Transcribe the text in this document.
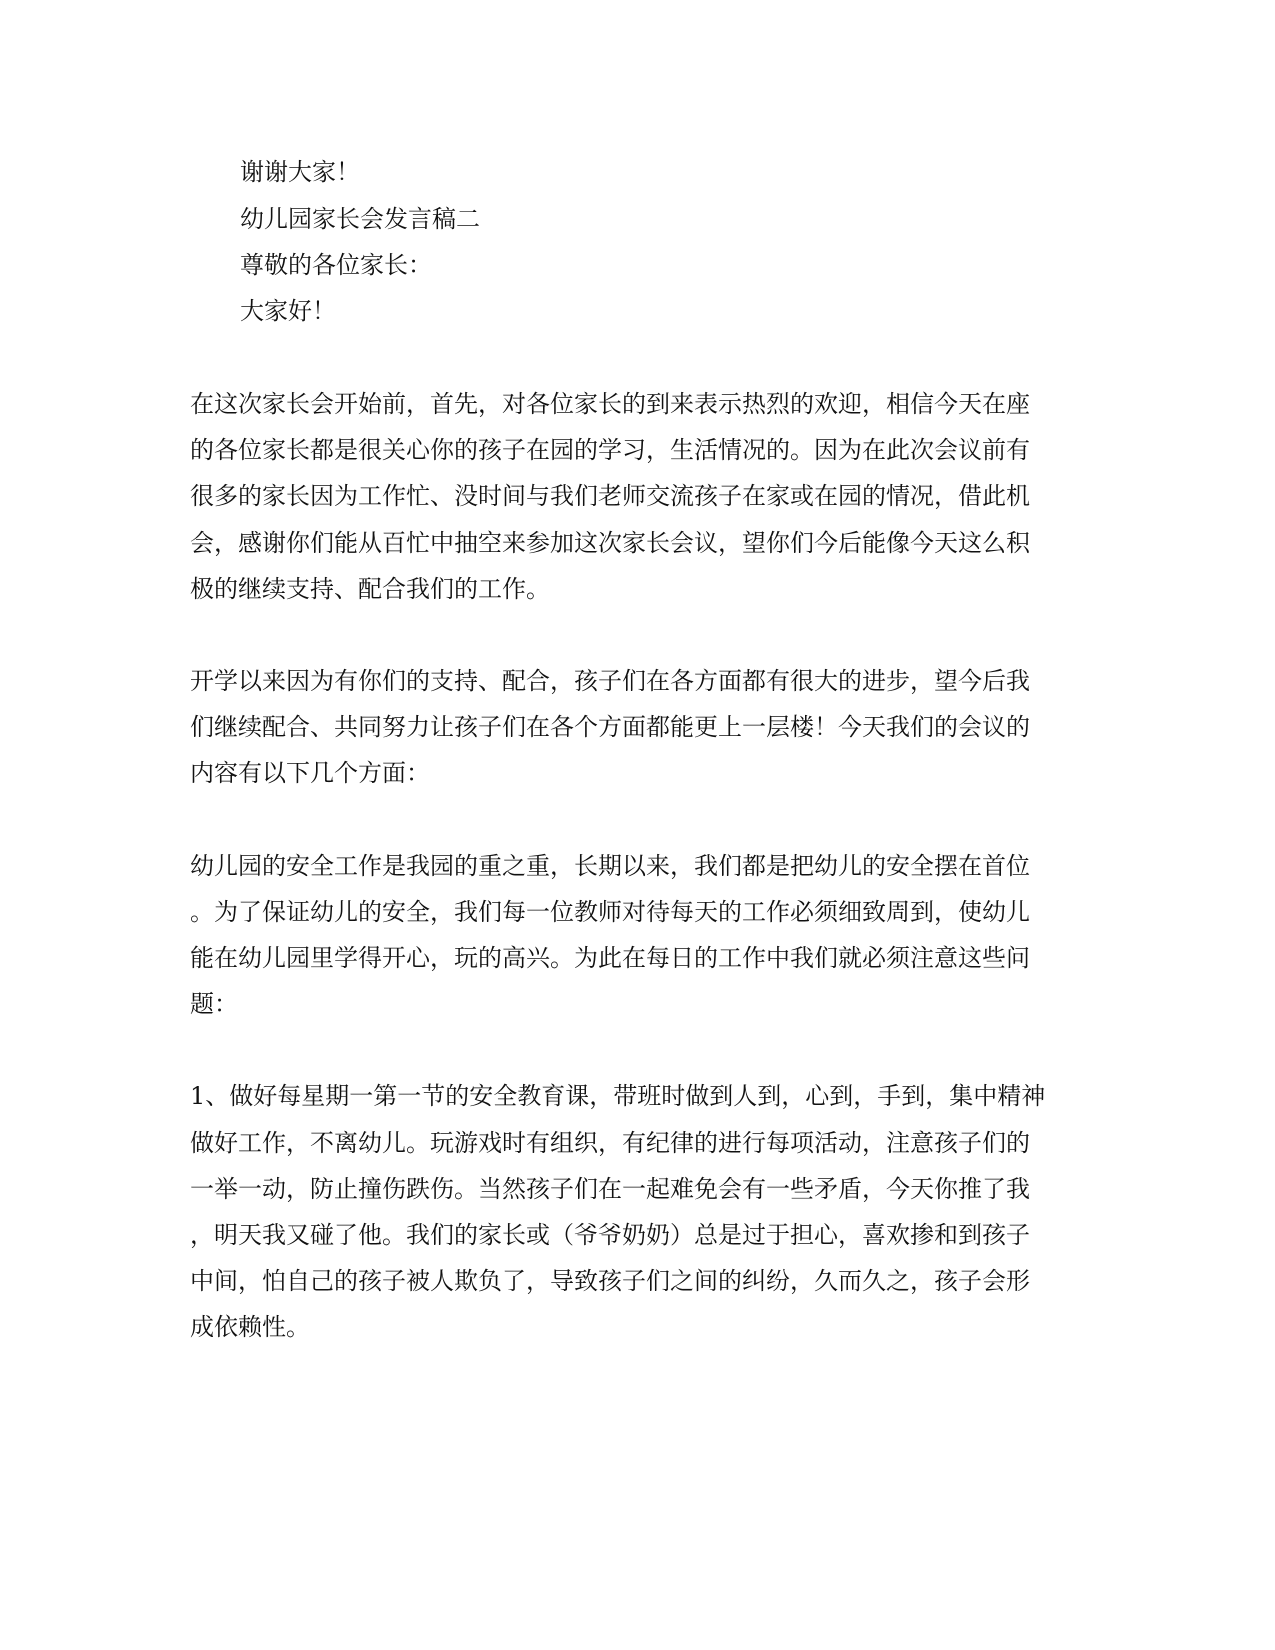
谢谢大家！

幼儿园家长会发言稿二

尊敬的各位家长：

大家好！

在这次家长会开始前，首先，对各位家长的到来表示热烈的欢迎，相信今天在座

的各位家长都是很关心你的孩子在园的学习，生活情况的。因为在此次会议前有

很多的家长因为工作忙、没时间与我们老师交流孩子在家或在园的情况，借此机

会，感谢你们能从百忙中抽空来参加这次家长会议，望你们今后能像今天这么积

极的继续支持、配合我们的工作。

开学以来因为有你们的支持、配合，孩子们在各方面都有很大的进步，望今后我

们继续配合、共同努力让孩子们在各个方面都能更上一层楼！今天我们的会议的

内容有以下几个方面：

幼儿园的安全工作是我园的重之重，长期以来，我们都是把幼儿的安全摆在首位

。为了保证幼儿的安全，我们每一位教师对待每天的工作必须细致周到，使幼儿

能在幼儿园里学得开心，玩的高兴。为此在每日的工作中我们就必须注意这些问

题：

1、做好每星期一第一节的安全教育课，带班时做到人到，心到，手到，集中精神

做好工作，不离幼儿。玩游戏时有组织，有纪律的进行每项活动，注意孩子们的

一举一动，防止撞伤跌伤。当然孩子们在一起难免会有一些矛盾，今天你推了我

，明天我又碰了他。我们的家长或（爷爷奶奶）总是过于担心，喜欢掺和到孩子

中间，怕自己的孩子被人欺负了，导致孩子们之间的纠纷，久而久之，孩子会形

成依赖性。
